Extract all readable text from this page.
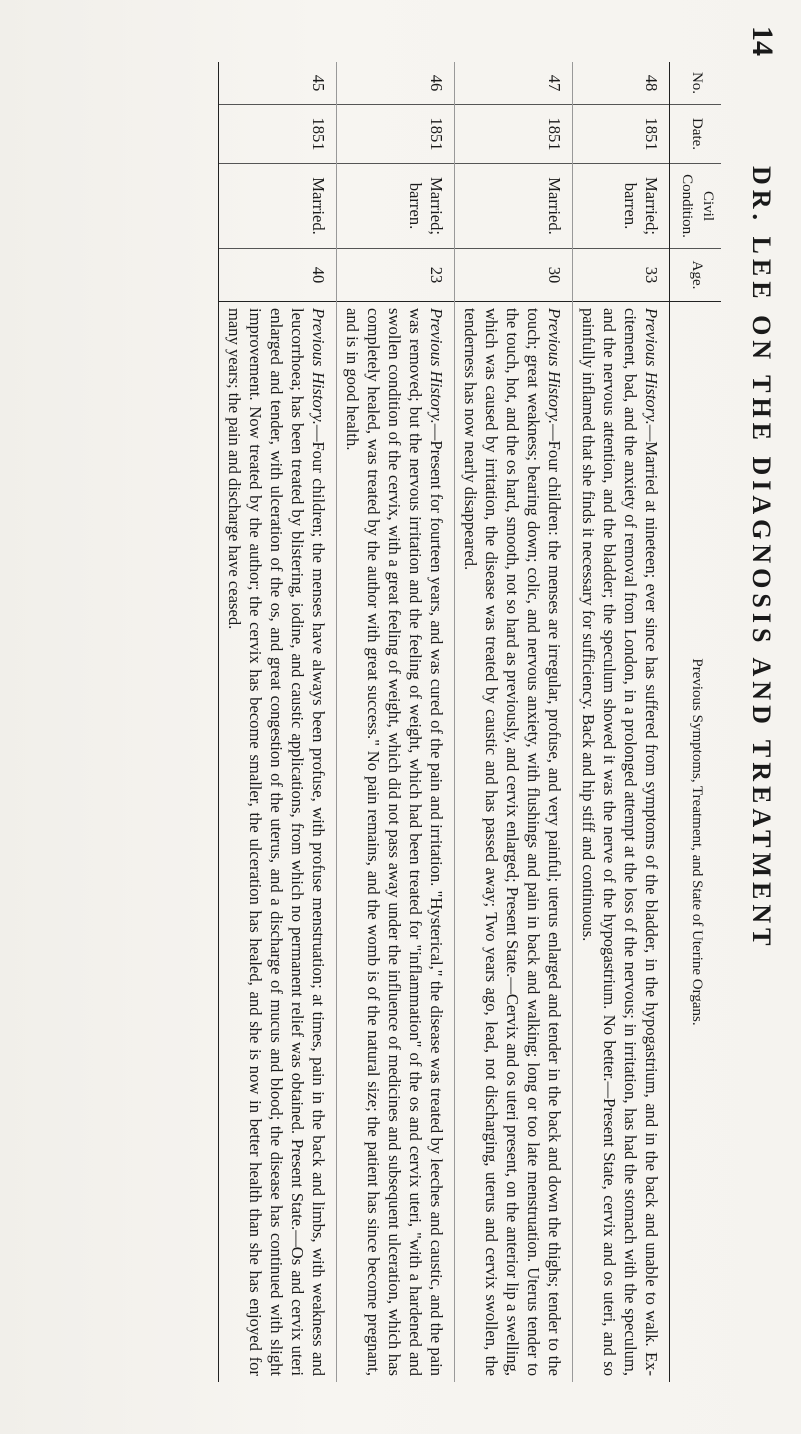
14
DR. LEE ON THE DIAGNOSIS AND TREATMENT
No.	Date.	Civil Condition.	Age.	Previous Symptoms, Treatment, and State of Uterine Organs.
48	1851	Married; barren.	33	Previous History.—Married at nineteen; ever since has suffered from symptoms of the bladder, in the hypogastrium, and in the back and unable to walk. Ex-citement, bad, and the anxiety of removal from London, in a prolonged attempt at the loss of the nervous; in irritation, has had the stomach with the speculum, and the nervous attention, and the bladder; the speculum showed it was the nerve of the hypogastrium. No better.—Present State, cervix and os uteri, and so painfully inflamed that she finds it necessary for sufficiency. Back and hip stiff and continuous.
47	1851	Married.	30	Previous History.—Four children: the menses are irregular, profuse, and very painful; uterus enlarged and tender in the back and down the thighs; tender to the touch; great weakness; bearing down; colic, and nervous anxiety, with flushings and pain in back and walking; long or too late menstruation. Uterus tender to the touch, hot, and the os hard, smooth, not so hard as previously, and cervix enlarged; Present State.—Cervix and os uteri present, on the anterior lip a swelling, which was caused by irritation, the disease was treated by caustic and has passed away; Two years ago, lead, not discharging, uterus and cervix swollen, the tenderness has now nearly disappeared.
46	1851	Married; barren.	23	Previous History.—Present for fourteen years, and was cured of the pain and irritation. "Hysterical," the disease was treated by leeches and caustic, and the pain was removed; but the nervous irritation and the feeling of weight, which had been treated for "inflammation" of the os and cervix uteri, "with a hardened and swollen condition of the cervix, with a great feeling of weight, which did not pass away under the influence of medicines and subsequent ulceration, which has completely healed, was treated by the author with great success." No pain remains, and the womb is of the natural size; the patient has since become pregnant, and is in good health.
45	1851	Married.	40	Previous History.—Four children; the menses have always been profuse, with profuse menstruation; at times, pain in the back and limbs, with weakness and leucorrhoea; has been treated by blistering, iodine, and caustic applications, from which no permanent relief was obtained. Present State.—Os and cervix uteri enlarged and tender, with ulceration of the os, and great congestion of the uterus, and a discharge of mucus and blood; the disease has continued with slight improvement. Now treated by the author; the cervix has become smaller, the ulceration has healed, and she is now in better health than she has enjoyed for many years; the pain and discharge have ceased.
